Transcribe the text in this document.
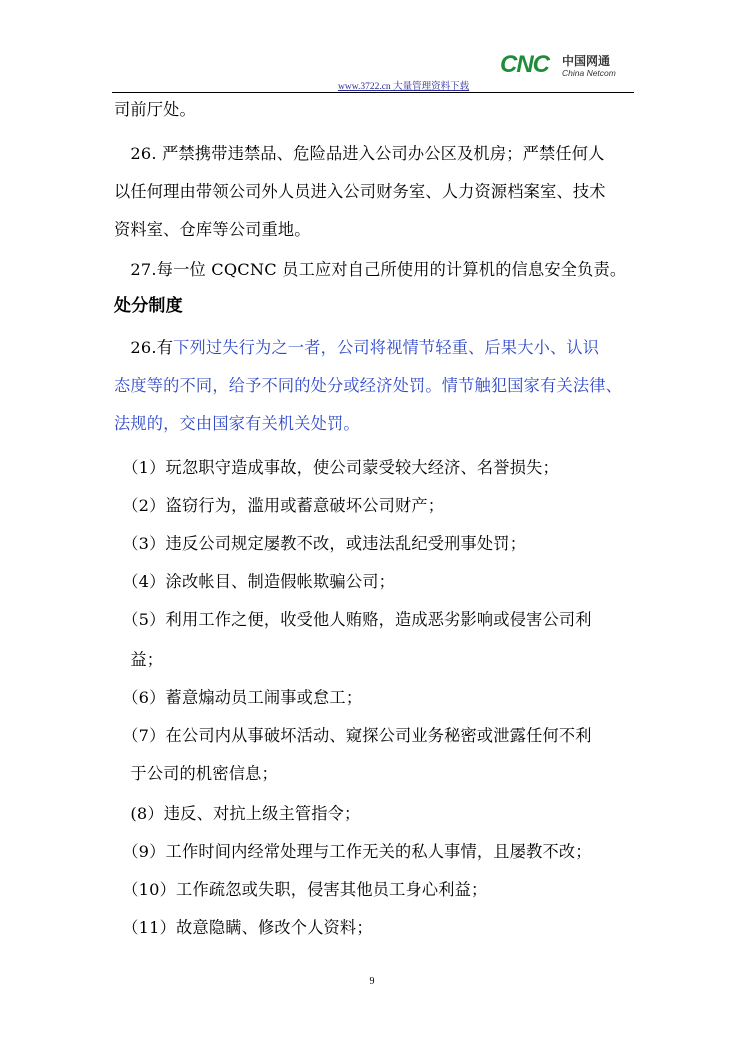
www.3722.cn 大量管理资料下载
CNC 中国网通
China Netcom
司前厅处。
　26. 严禁携带违禁品、危险品进入公司办公区及机房；严禁任何人
以任何理由带领公司外人员进入公司财务室、人力资源档案室、技术
资料室、仓库等公司重地。
　27.每一位 CQCNC 员工应对自己所使用的计算机的信息安全负责。
处分制度
　26.有下列过失行为之一者，公司将视情节轻重、后果大小、认识
态度等的不同，给予不同的处分或经济处罚。情节触犯国家有关法律、
法规的，交由国家有关机关处罚。
　（1）玩忽职守造成事故，使公司蒙受较大经济、名誉损失；
　（2）盗窃行为，滥用或蓄意破坏公司财产；
　（3）违反公司规定屡教不改，或违法乱纪受刑事处罚；
　（4）涂改帐目、制造假帐欺骗公司；
　（5）利用工作之便，收受他人贿赂，造成恶劣影响或侵害公司利
　益；
　（6）蓄意煽动员工闹事或怠工；
　（7）在公司内从事破坏活动、窥探公司业务秘密或泄露任何不利
　于公司的机密信息；
　(8）违反、对抗上级主管指令；
　（9）工作时间内经常处理与工作无关的私人事情，且屡教不改；
　（10）工作疏忽或失职，侵害其他员工身心利益；
　（11）故意隐瞒、修改个人资料；
9
